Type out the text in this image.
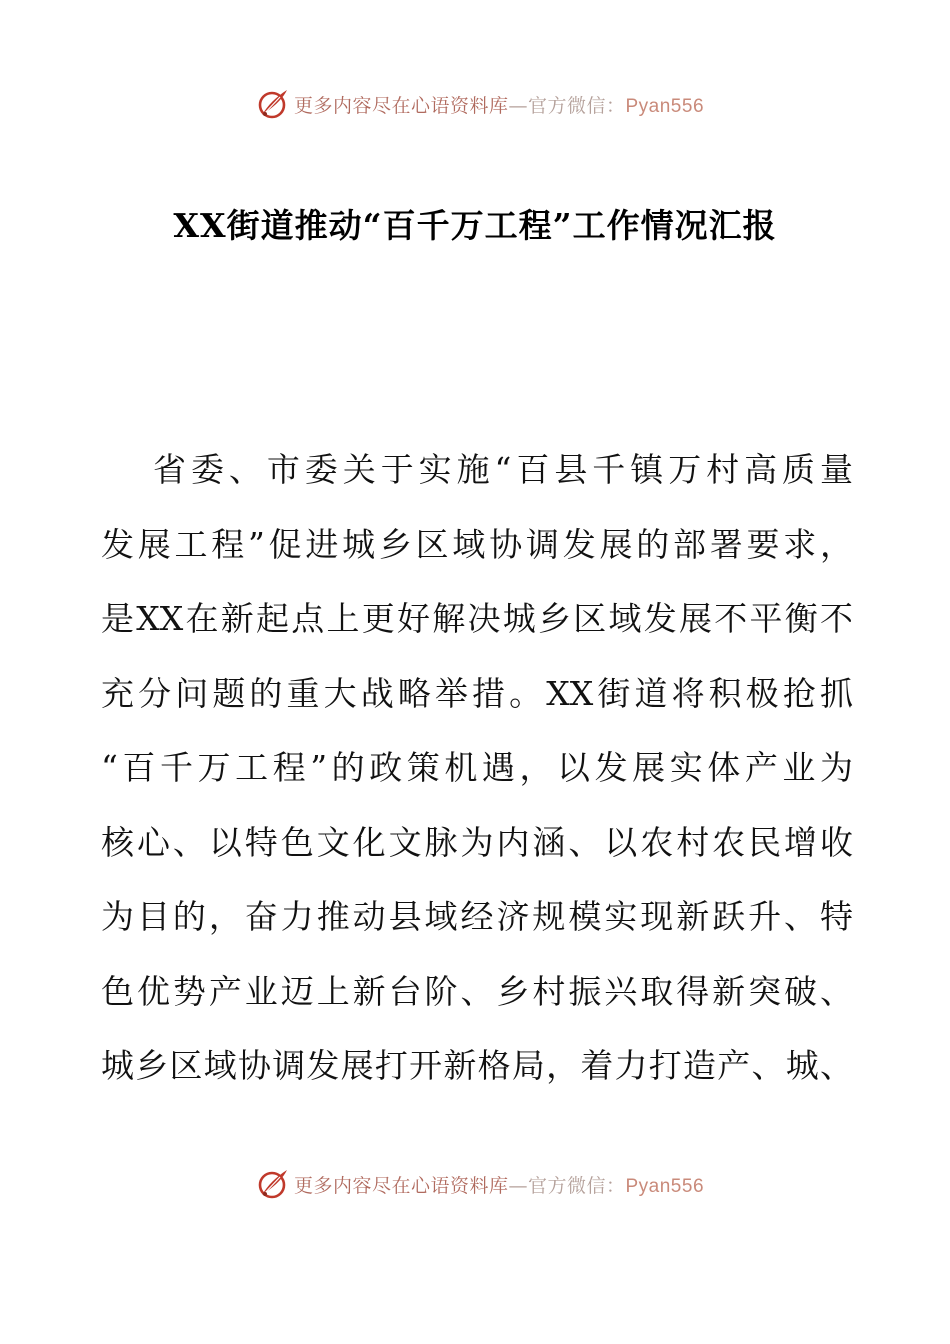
更多内容尽在心语资料库—官方微信：Pyan556
XX街道推动“百千万工程”工作情况汇报
省委、市委关于实施“百县千镇万村高质量
发展工程”促进城乡区域协调发展的部署要求，
是XX在新起点上更好解决城乡区域发展不平衡不
充分问题的重大战略举措。XX街道将积极抢抓
“百千万工程”的政策机遇，以发展实体产业为
核心、以特色文化文脉为内涵、以农村农民增收
为目的，奋力推动县域经济规模实现新跃升、特
色优势产业迈上新台阶、乡村振兴取得新突破、
城乡区域协调发展打开新格局，着力打造产、城、
更多内容尽在心语资料库—官方微信：Pyan556
